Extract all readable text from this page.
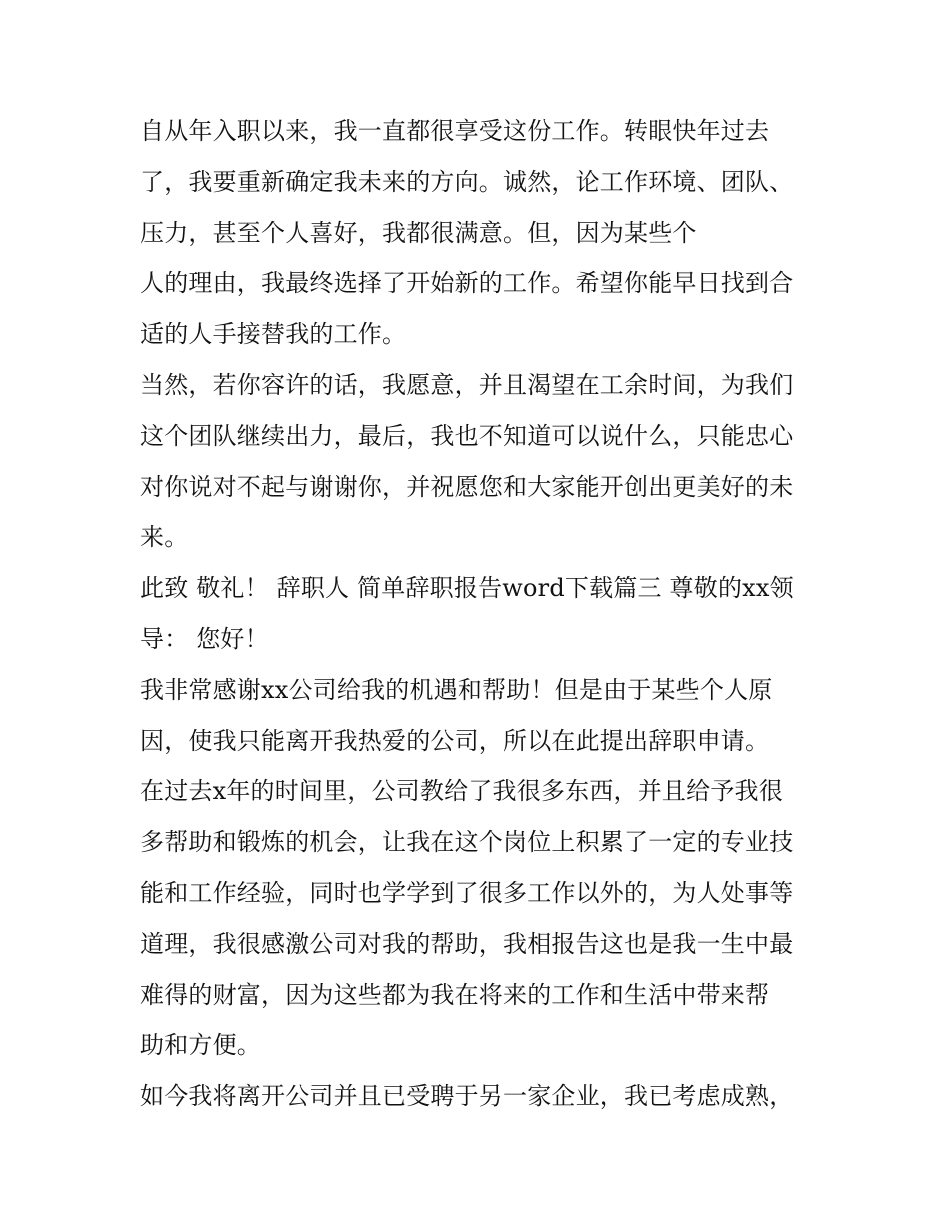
自从年入职以来，我一直都很享受这份工作。转眼快年过去
了，我要重新确定我未来的方向。诚然，论工作环境、团队、
压力，甚至个人喜好，我都很满意。但，因为某些个
人的理由，我最终选择了开始新的工作。希望你能早日找到合
适的人手接替我的工作。
当然，若你容许的话，我愿意，并且渴望在工余时间，为我们
这个团队继续出力，最后，我也不知道可以说什么，只能忠心
对你说对不起与谢谢你，并祝愿您和大家能开创出更美好的未
来。
此致 敬礼！ 辞职人 简单辞职报告word下载篇三 尊敬的xx领
导： 您好！
我非常感谢xx公司给我的机遇和帮助！但是由于某些个人原
因，使我只能离开我热爱的公司，所以在此提出辞职申请。
在过去x年的时间里，公司教给了我很多东西，并且给予我很
多帮助和锻炼的机会，让我在这个岗位上积累了一定的专业技
能和工作经验，同时也学学到了很多工作以外的，为人处事等
道理，我很感激公司对我的帮助，我相报告这也是我一生中最
难得的财富，因为这些都为我在将来的工作和生活中带来帮
助和方便。
如今我将离开公司并且已受聘于另一家企业，我已考虑成熟，
